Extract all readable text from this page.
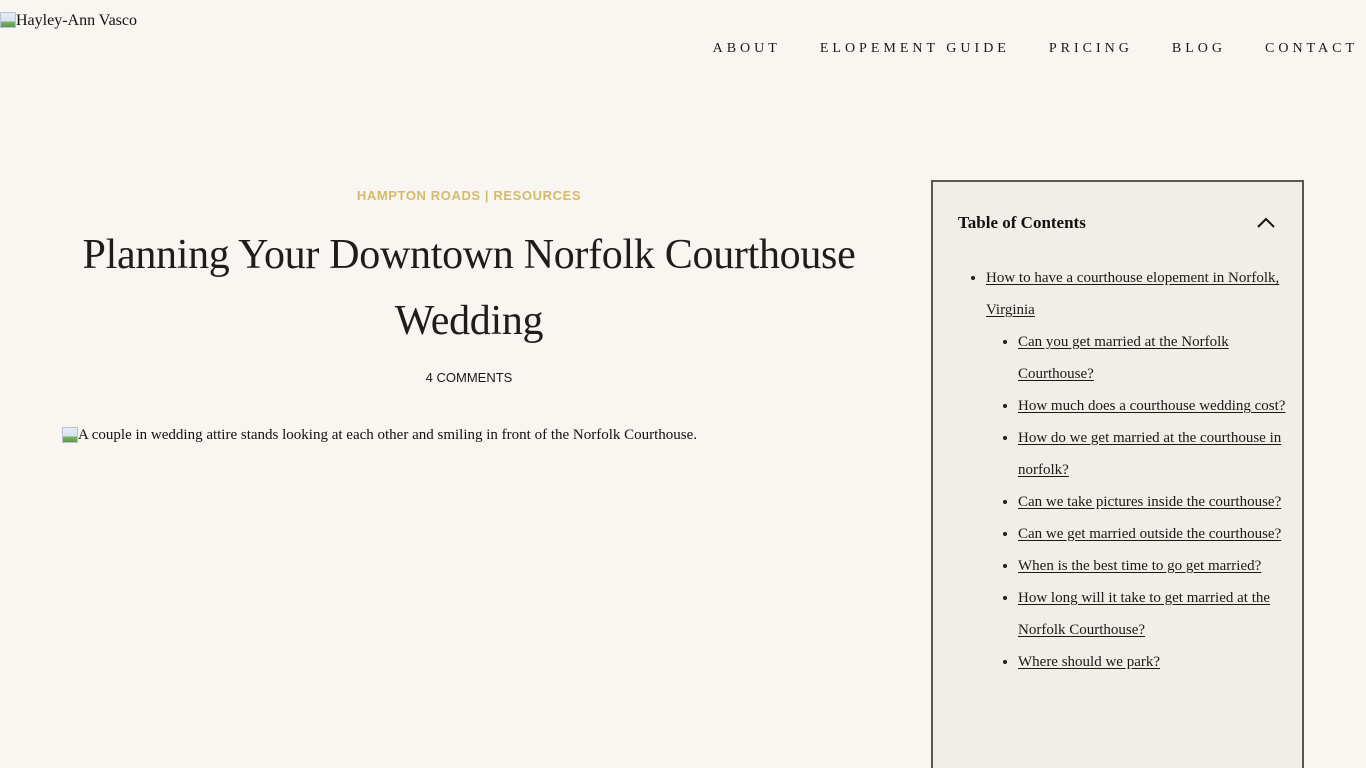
Hayley-Ann Vasco
ABOUT	ELOPEMENT GUIDE	PRICING	BLOG	CONTACT
HAMPTON ROADS | RESOURCES
Planning Your Downtown Norfolk Courthouse Wedding
4 COMMENTS
A couple in wedding attire stands looking at each other and smiling in front of the Norfolk Courthouse.
Table of Contents
• How to have a courthouse elopement in Norfolk, Virginia
• Can you get married at the Norfolk Courthouse?
• How much does a courthouse wedding cost?
• How do we get married at the courthouse in norfolk?
• Can we take pictures inside the courthouse?
• Can we get married outside the courthouse?
• When is the best time to go get married?
• How long will it take to get married at the Norfolk Courthouse?
• Where should we park?
